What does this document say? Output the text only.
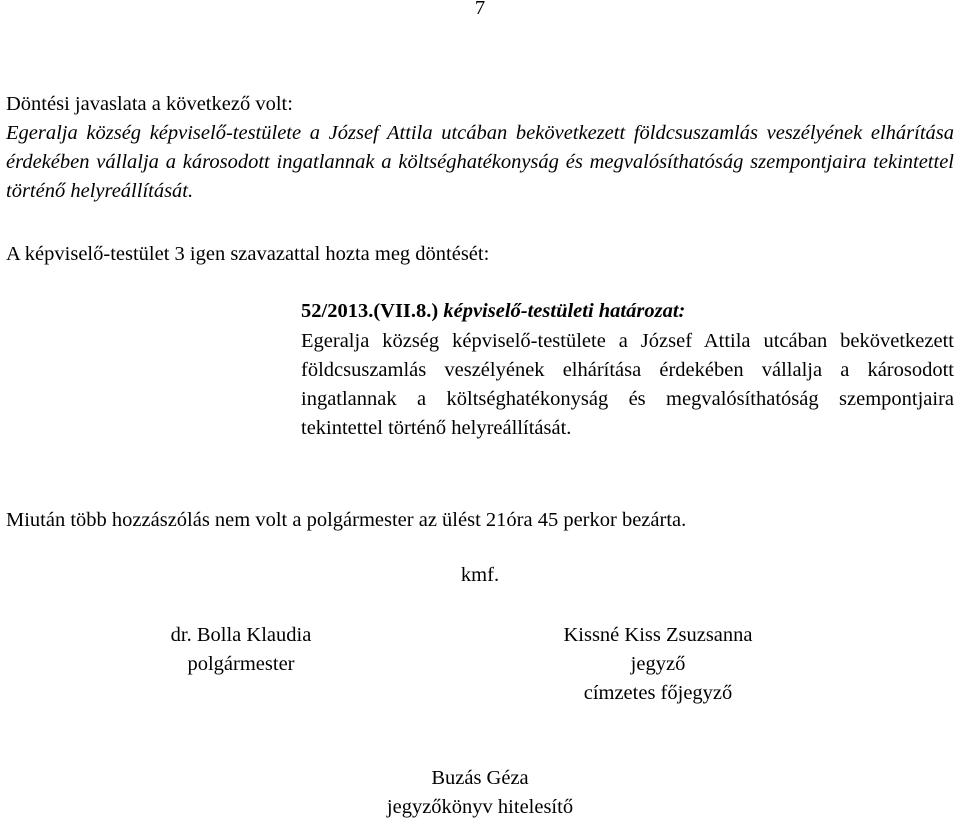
7
Döntési javaslata a következő volt:
Egeralja község képviselő-testülete a József Attila utcában bekövetkezett földcsuszamlás veszélyének elhárítása érdekében vállalja a károsodott ingatlannak a költséghatékonyság és megvalósíthatóság szempontjaira tekintettel történő helyreállítását.
A képviselő-testület 3 igen szavazattal hozta meg döntését:
52/2013.(VII.8.) képviselő-testületi határozat:
Egeralja község képviselő-testülete a József Attila utcában bekövetkezett földcsuszamlás veszélyének elhárítása érdekében vállalja a károsodott ingatlannak a költséghatékonyság és megvalósíthatóság szempontjaira tekintettel történő helyreállítását.
Miután több hozzászólás nem volt a polgármester az ülést 21óra 45 perkor bezárta.
kmf.
dr. Bolla Klaudia
polgármester
Kissné Kiss Zsuzsanna
jegyző
címzetes főjegyző
Buzás Géza
jegyzőkönyv hitelesítő
